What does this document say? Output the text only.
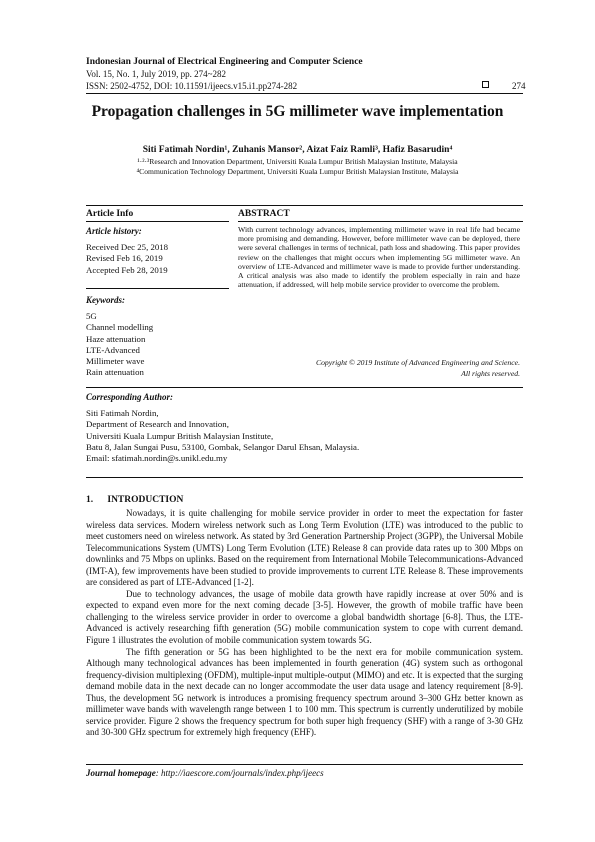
Indonesian Journal of Electrical Engineering and Computer Science
Vol. 15, No. 1, July 2019, pp. 274~282
ISSN: 2502-4752, DOI: 10.11591/ijeecs.v15.i1.pp274-282	274
Propagation challenges in 5G millimeter wave implementation
Siti Fatimah Nordin¹, Zuhanis Mansor², Aizat Faiz Ramli³, Hafiz Basarudin⁴
¹·²·³Research and Innovation Department, Universiti Kuala Lumpur British Malaysian Institute, Malaysia
⁴Communication Technology Department, Universiti Kuala Lumpur British Malaysian Institute, Malaysia
Article Info	ABSTRACT
Article history:
Received Dec 25, 2018
Revised Feb 16, 2019
Accepted Feb 28, 2019
Keywords:
5G
Channel modelling
Haze attenuation
LTE-Advanced
Millimeter wave
Rain attenuation
With current technology advances, implementing millimeter wave in real life had became more promising and demanding. However, before millimeter wave can be deployed, there were several challenges in terms of technical, path loss and shadowing. This paper provides review on the challenges that might occurs when implementing 5G millimeter wave. An overview of LTE-Advanced and millimeter wave is made to provide further understanding. A critical analysis was also made to identify the problem especially in rain and haze attenuation, if addressed, will help mobile service provider to overcome the problem.
Copyright © 2019 Institute of Advanced Engineering and Science.
All rights reserved.
Corresponding Author:
Siti Fatimah Nordin,
Department of Research and Innovation,
Universiti Kuala Lumpur British Malaysian Institute,
Batu 8, Jalan Sungai Pusu, 53100, Gombak, Selangor Darul Ehsan, Malaysia.
Email: sfatimah.nordin@s.unikl.edu.my
1.      INTRODUCTION

Nowadays, it is quite challenging for mobile service provider in order to meet the expectation for faster wireless data services. Modern wireless network such as Long Term Evolution (LTE) was introduced to the public to meet customers need on wireless network. As stated by 3rd Generation Partnership Project (3GPP), the Universal Mobile Telecommunications System (UMTS) Long Term Evolution (LTE) Release 8 can provide data rates up to 300 Mbps on downlinks and 75 Mbps on uplinks. Based on the requirement from International Mobile Telecommunications-Advanced (IMT-A), few improvements have been studied to provide improvements to current LTE Release 8. These improvements are considered as part of LTE-Advanced [1-2].

Due to technology advances, the usage of mobile data growth have rapidly increase at over 50% and is expected to expand even more for the next coming decade [3-5]. However, the growth of mobile traffic have been challenging to the wireless service provider in order to overcome a global bandwidth shortage [6-8]. Thus, the LTE-Advanced is actively researching fifth generation (5G) mobile communication system to cope with current demand. Figure 1 illustrates the evolution of mobile communication system towards 5G.

The fifth generation or 5G has been highlighted to be the next era for mobile communication system. Although many technological advances has been implemented in fourth generation (4G) system such as orthogonal frequency-division multiplexing (OFDM), multiple-input multiple-output (MIMO) and etc. It is expected that the surging demand mobile data in the next decade can no longer accommodate the user data usage and latency requirement [8-9]. Thus, the development 5G network is introduces a promising frequency spectrum around 3–300 GHz better known as millimeter wave bands with wavelength range between 1 to 100 mm. This spectrum is currently underutilized by mobile service provider. Figure 2 shows the frequency spectrum for both super high frequency (SHF) with a range of 3-30 GHz and 30-300 GHz spectrum for extremely high frequency (EHF).

Journal homepage: http://iaescore.com/journals/index.php/ijeecs
